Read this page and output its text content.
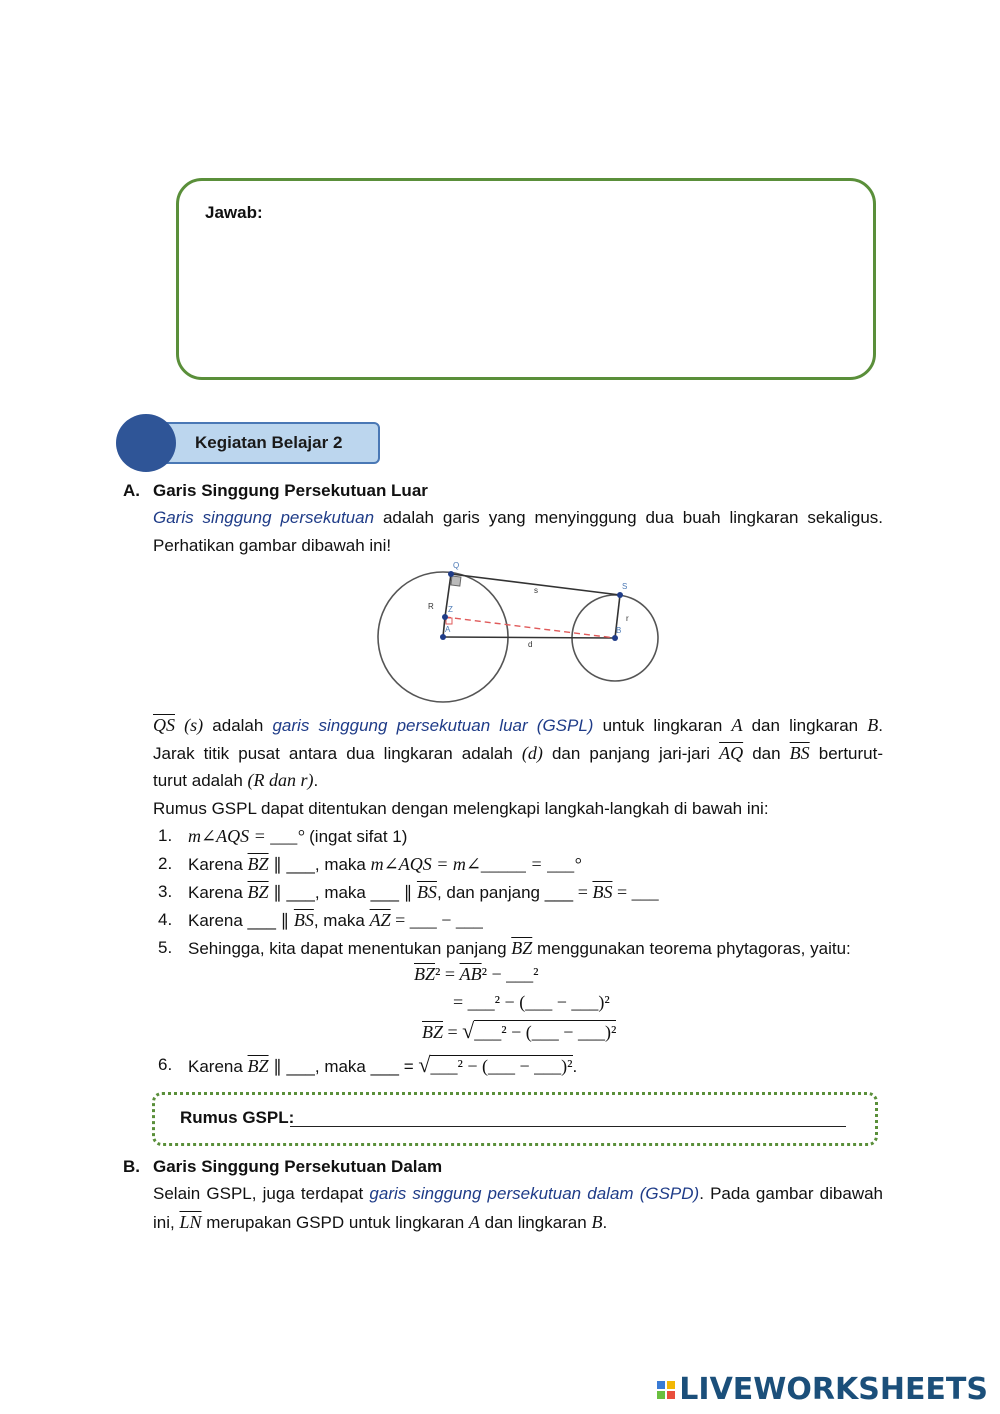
Jawab:
Kegiatan Belajar 2
A. Garis Singgung Persekutuan Luar
Garis singgung persekutuan adalah garis yang menyinggung dua buah lingkaran sekaligus.
Perhatikan gambar dibawah ini!
Q
S
s
R Z
A	B
r
d
$\overline{QS}$ (s) adalah garis singgung persekutuan luar (GSPL) untuk lingkaran A dan lingkaran B.
Jarak titik pusat antara dua lingkaran adalah (d) dan panjang jari-jari $\overline{AQ}$ dan $\overline{BS}$ berturut-
turut adalah (R dan r).
Rumus GSPL dapat ditentukan dengan melengkapi langkah-langkah di bawah ini:
1. m∠AQS = ___° (ingat sifat 1)
2. Karena $\overline{BZ}$ ∥ ___, maka m∠AQS = m∠_____ = ___°
3. Karena $\overline{BZ}$ ∥ ___, maka ___ ∥ $\overline{BS}$, dan panjang ___ = $\overline{BS}$ = ___
4. Karena ___ ∥ $\overline{BS}$, maka $\overline{AZ}$ = ___ − ___
5. Sehingga, kita dapat menentukan panjang $\overline{BZ}$ menggunakan teorema phytagoras, yaitu:
$\overline{BZ}^2 = \overline{AB}^2$ − ___²
= ___² − (___ − ___)²
$\overline{BZ}$ = √___² − (___ − ___)²
6. Karena $\overline{BZ}$ ∥ ___, maka ___ = √___² − (___ − ___)².
Rumus GSPL:
B. Garis Singgung Persekutuan Dalam
Selain GSPL, juga terdapat garis singgung persekutuan dalam (GSPD). Pada gambar dibawah
ini, $\overline{LN}$ merupakan GSPD untuk lingkaran A dan lingkaran B.
LIVEWORKSHEETS
